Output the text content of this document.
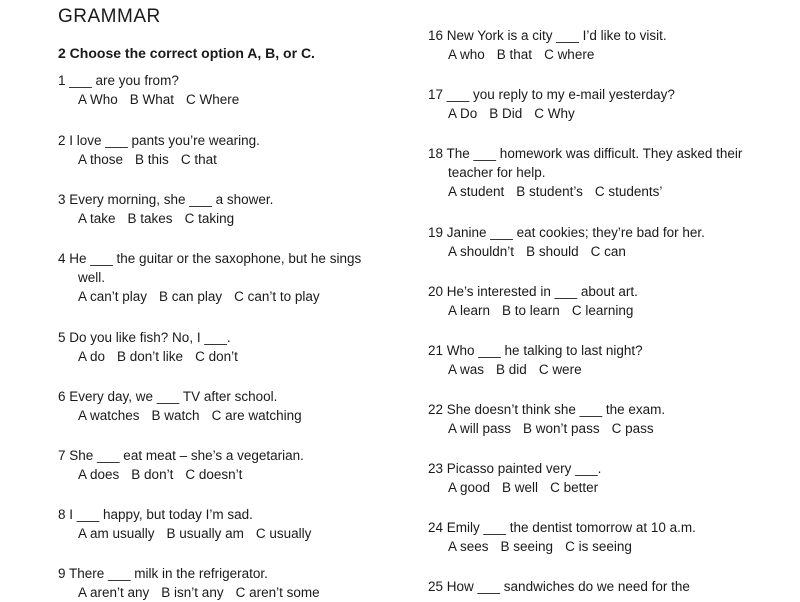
GRAMMAR
2 Choose the correct option A, B, or C.
1 ___ are you from?
A Who B What C Where
2 I love ___ pants you’re wearing.
A those B this C that
3 Every morning, she ___ a shower.
A take B takes C taking
4 He ___ the guitar or the saxophone, but he sings well.
A can’t play B can play C can’t to play
5 Do you like fish? No, I ___.
A do B don’t like C don’t
6 Every day, we ___ TV after school.
A watches B watch C are watching
7 She ___ eat meat – she’s a vegetarian.
A does B don’t C doesn’t
8 I ___ happy, but today I’m sad.
A am usually B usually am C usually
9 There ___ milk in the refrigerator.
A aren’t any B isn’t any C aren’t some
16 New York is a city ___ I’d like to visit.
A who B that C where
17 ___ you reply to my e-mail yesterday?
A Do B Did C Why
18 The ___ homework was difficult. They asked their teacher for help.
A student B student’s C students’
19 Janine ___ eat cookies; they’re bad for her.
A shouldn’t B should C can
20 He’s interested in ___ about art.
A learn B to learn C learning
21 Who ___ he talking to last night?
A was B did C were
22 She doesn’t think she ___ the exam.
A will pass B won’t pass C pass
23 Picasso painted very ___.
A good B well C better
24 Emily ___ the dentist tomorrow at 10 a.m.
A sees B seeing C is seeing
25 How ___ sandwiches do we need for the
